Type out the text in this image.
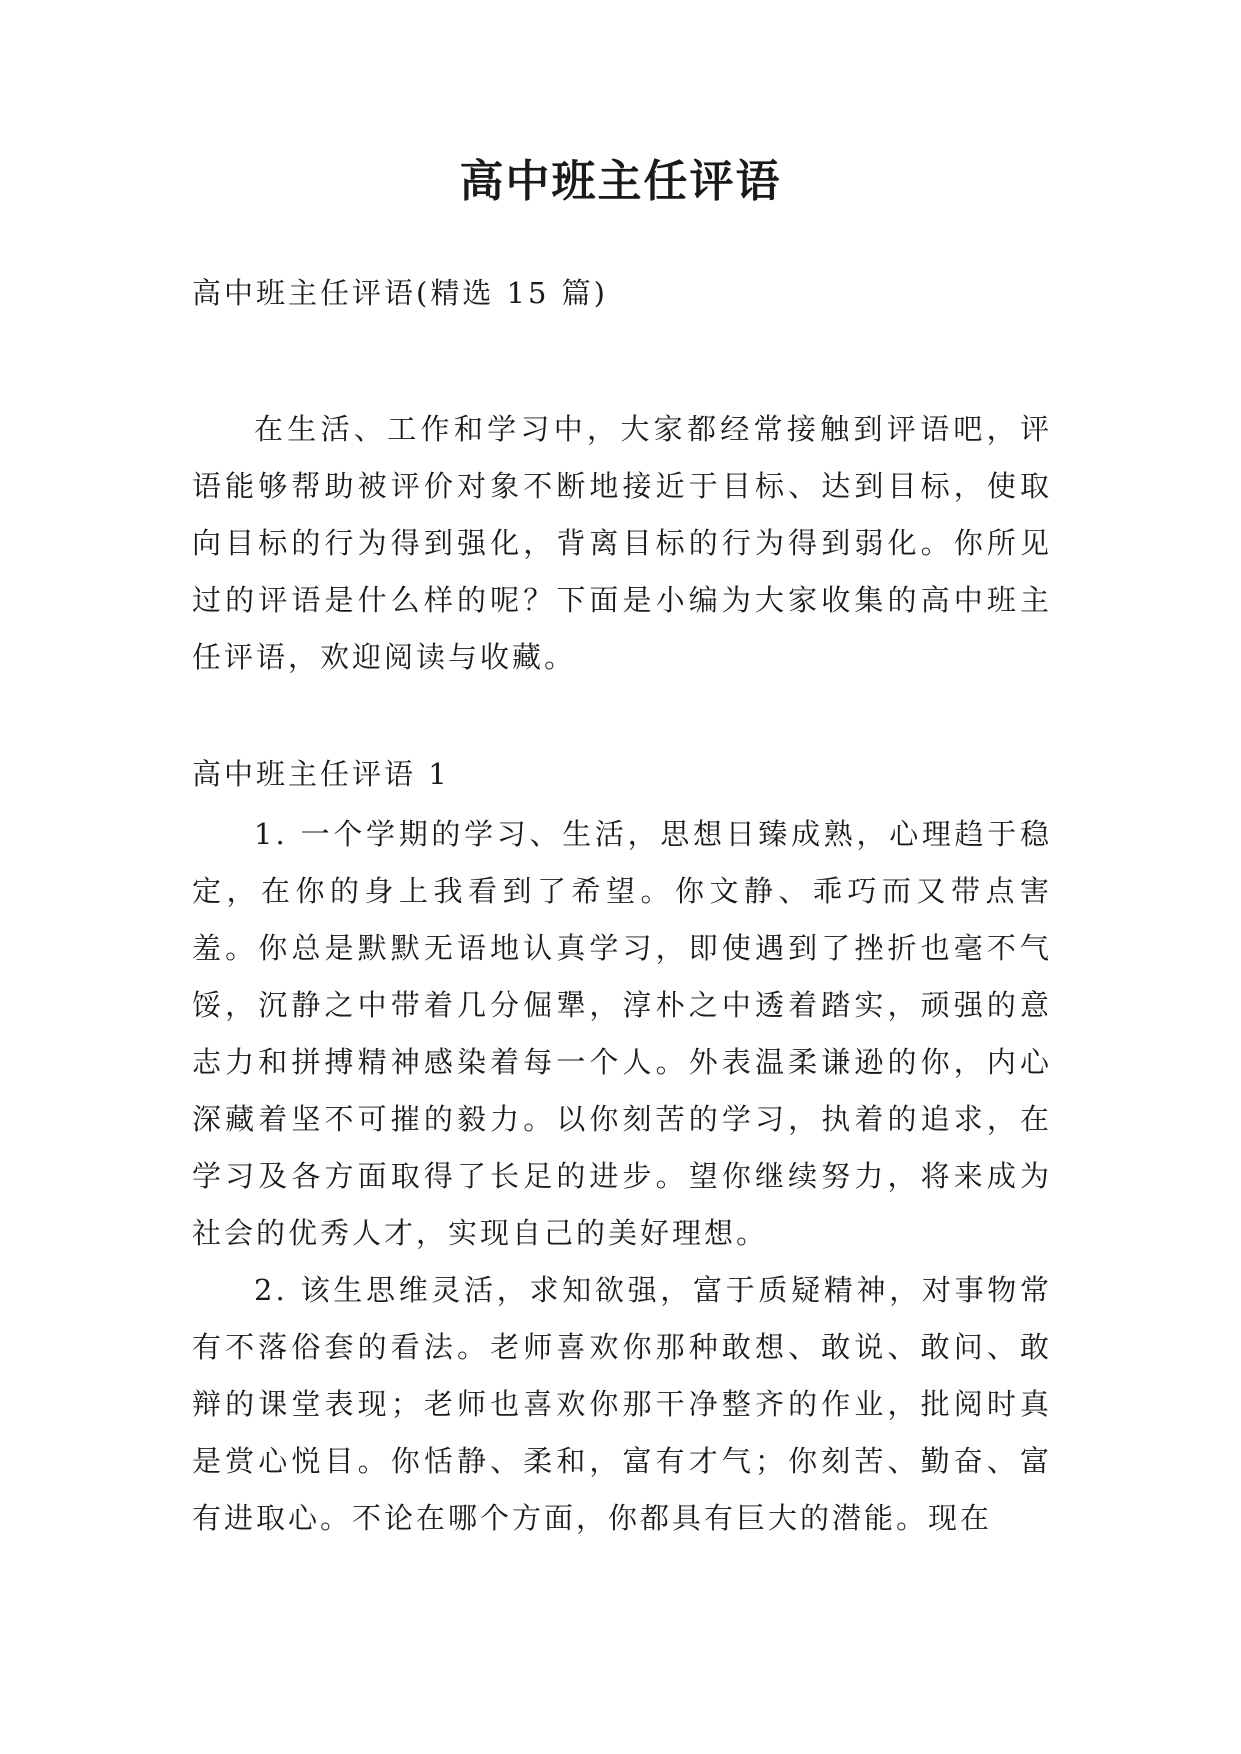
高中班主任评语

高中班主任评语(精选 15 篇)

在生活、工作和学习中，大家都经常接触到评语吧，评语能够帮助被评价对象不断地接近于目标、达到目标，使取向目标的行为得到强化，背离目标的行为得到弱化。你所见过的评语是什么样的呢？下面是小编为大家收集的高中班主任评语，欢迎阅读与收藏。

高中班主任评语 1

1. 一个学期的学习、生活，思想日臻成熟，心理趋于稳定，在你的身上我看到了希望。你文静、乖巧而又带点害羞。你总是默默无语地认真学习，即使遇到了挫折也毫不气馁，沉静之中带着几分倔犟，淳朴之中透着踏实，顽强的意志力和拼搏精神感染着每一个人。外表温柔谦逊的你，内心深藏着坚不可摧的毅力。以你刻苦的学习，执着的追求，在学习及各方面取得了长足的进步。望你继续努力，将来成为社会的优秀人才，实现自己的美好理想。

2. 该生思维灵活，求知欲强，富于质疑精神，对事物常有不落俗套的看法。老师喜欢你那种敢想、敢说、敢问、敢辩的课堂表现；老师也喜欢你那干净整齐的作业，批阅时真是赏心悦目。你恬静、柔和，富有才气；你刻苦、勤奋、富有进取心。不论在哪个方面，你都具有巨大的潜能。现在
